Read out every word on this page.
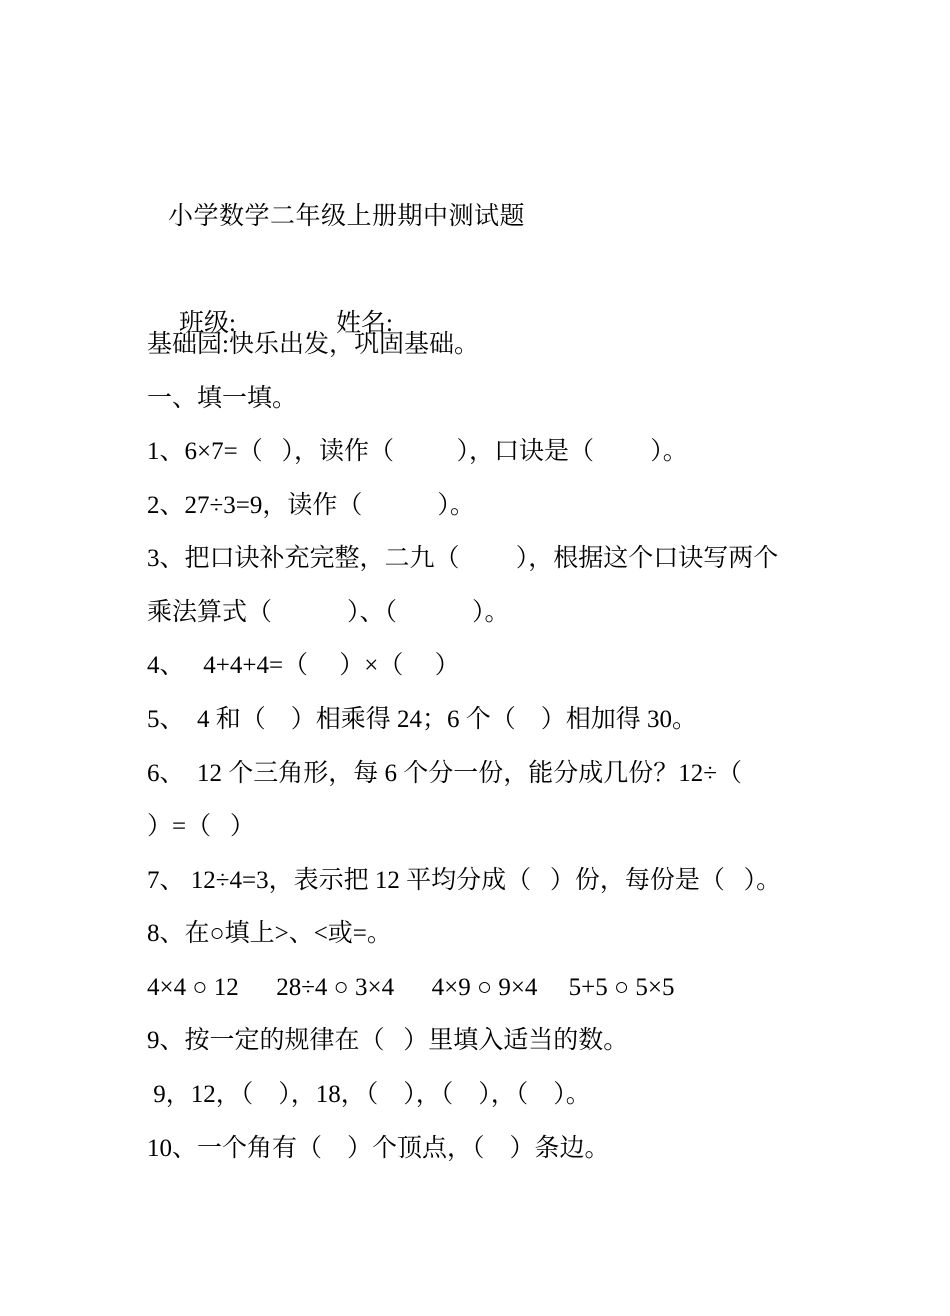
小学数学二年级上册期中测试题

班级:	姓名:

基础园:快乐出发，巩固基础。
一、填一填。
1、6×7=（   ），读作（          ），口诀是（         ）。
2、27÷3=9，读作（            ）。
3、把口诀补充完整，二九（         ），根据这个口诀写两个
乘法算式（            ）、（            ）。
4、   4+4+4=（     ）×（     ）
5、  4 和（    ）相乘得 24；6 个（    ）相加得 30。
6、  12 个三角形，每 6 个分一份，能分成几份？12÷（
）=（   ）
7、 12÷4=3，表示把 12 平均分成（   ）份，每份是（   ）。
8、在○填上>、<或=。
4×4 ○ 12      28÷4 ○ 3×4      4×9 ○ 9×4     5+5 ○ 5×5
9、按一定的规律在（   ）里填入适当的数。
9，12，（    ），18，（    ），（    ），（    ）。
10、一个角有（    ）个顶点，（    ）条边。
